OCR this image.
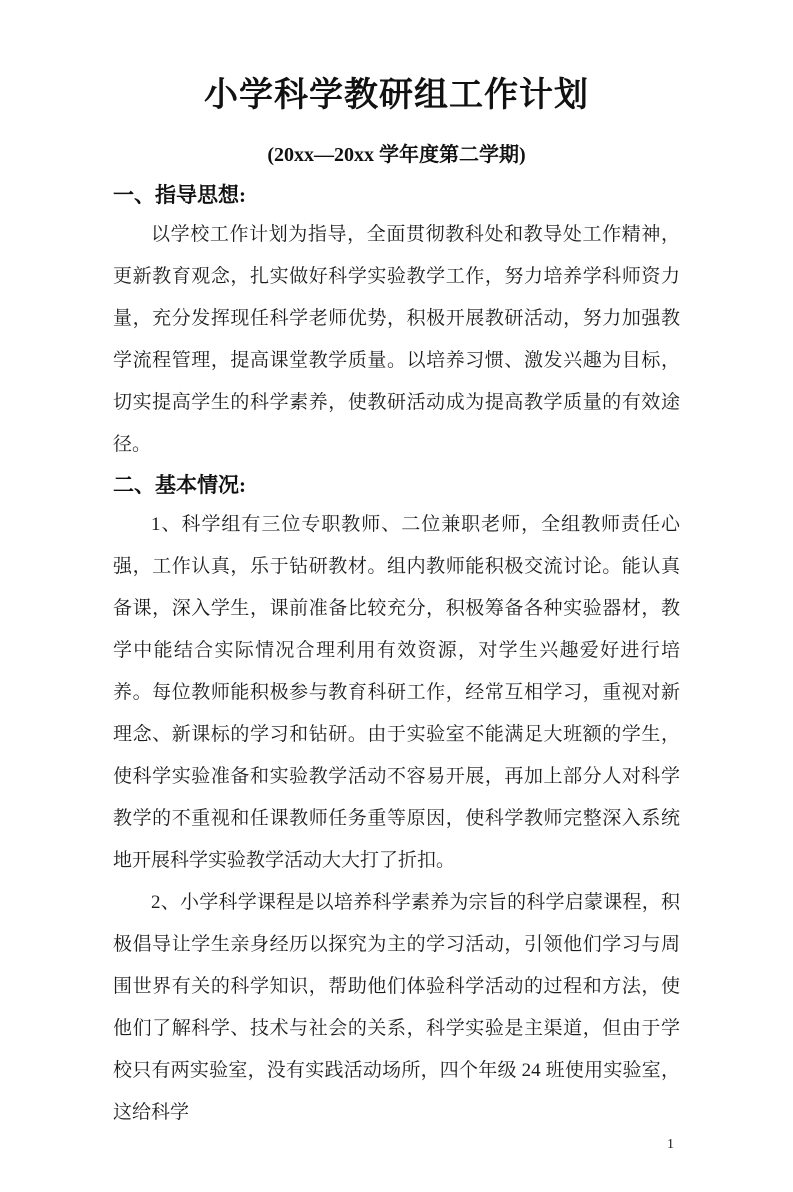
小学科学教研组工作计划
(20xx—20xx 学年度第二学期)
一、指导思想:

以学校工作计划为指导，全面贯彻教科处和教导处工作精神，更新教育观念，扎实做好科学实验教学工作，努力培养学科师资力量，充分发挥现任科学老师优势，积极开展教研活动，努力加强教学流程管理，提高课堂教学质量。以培养习惯、激发兴趣为目标，切实提高学生的科学素养，使教研活动成为提高教学质量的有效途径。

二、基本情况:

1、科学组有三位专职教师、二位兼职老师，全组教师责任心强，工作认真，乐于钻研教材。组内教师能积极交流讨论。能认真备课，深入学生，课前准备比较充分，积极筹备各种实验器材，教学中能结合实际情况合理利用有效资源，对学生兴趣爱好进行培养。每位教师能积极参与教育科研工作，经常互相学习，重视对新理念、新课标的学习和钻研。由于实验室不能满足大班额的学生，使科学实验准备和实验教学活动不容易开展，再加上部分人对科学教学的不重视和任课教师任务重等原因，使科学教师完整深入系统地开展科学实验教学活动大大打了折扣。

2、小学科学课程是以培养科学素养为宗旨的科学启蒙课程，积极倡导让学生亲身经历以探究为主的学习活动，引领他们学习与周围世界有关的科学知识，帮助他们体验科学活动的过程和方法，使他们了解科学、技术与社会的关系，科学实验是主渠道，但由于学校只有两实验室，没有实践活动场所，四个年级 24 班使用实验室，这给科学

1
